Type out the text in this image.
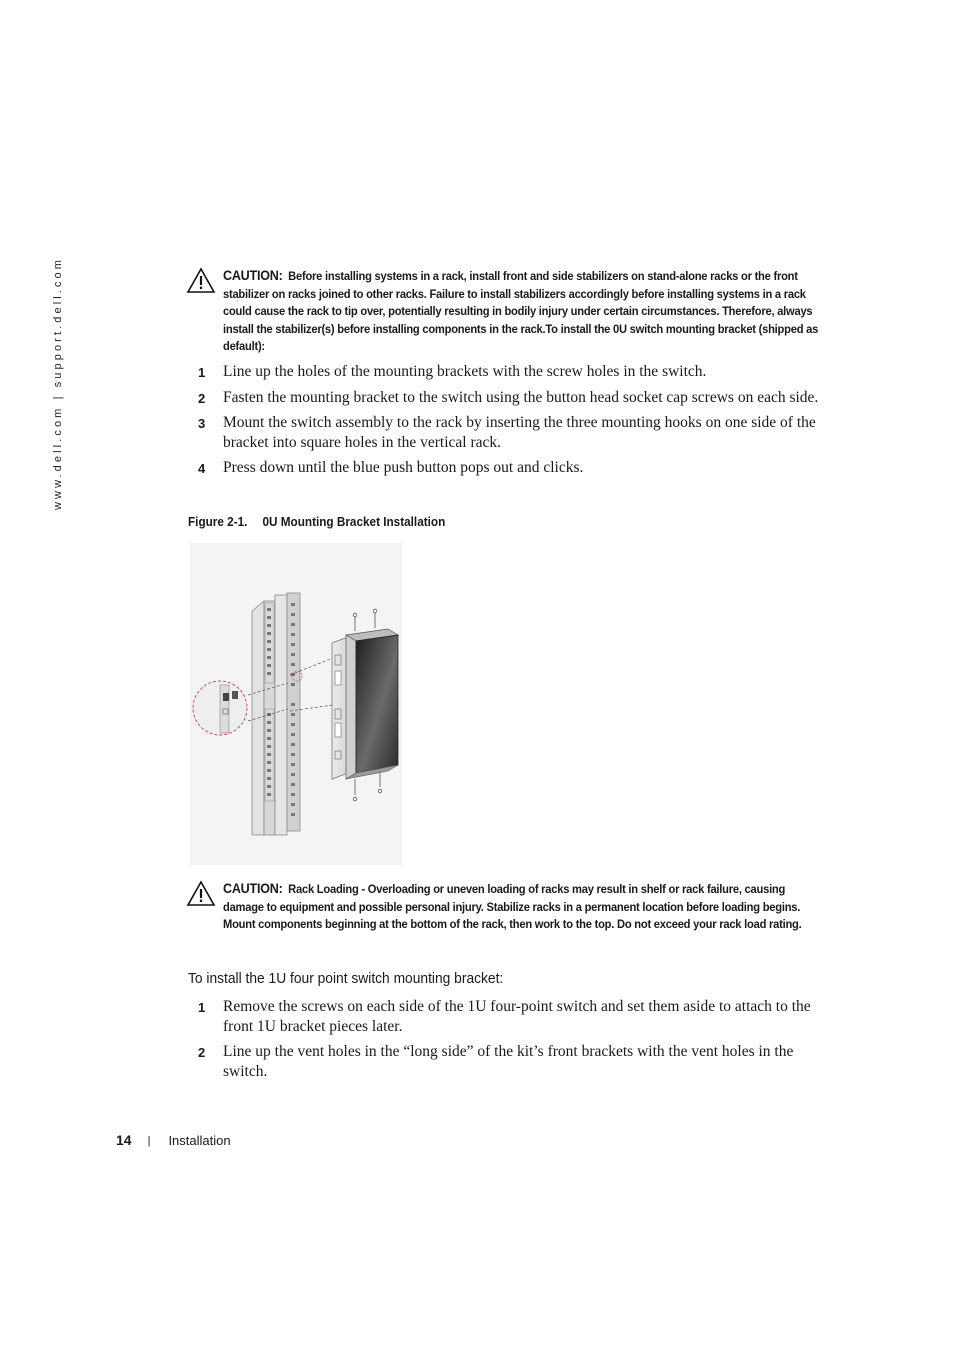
www.dell.com | support.dell.com	CAUTION: Before installing systems in a rack, install front and side stabilizers on stand-alone racks or the front stabilizer on racks joined to other racks. Failure to install stabilizers accordingly before installing systems in a rack could cause the rack to tip over, potentially resulting in bodily injury under certain circumstances. Therefore, always install the stabilizer(s) before installing components in the rack.To install the 0U switch mounting bracket (shipped as default):
1 Line up the holes of the mounting brackets with the screw holes in the switch.
2 Fasten the mounting bracket to the switch using the button head socket cap screws on each side.
3 Mount the switch assembly to the rack by inserting the three mounting hooks on one side of the bracket into square holes in the vertical rack.
4 Press down until the blue push button pops out and clicks.
Figure 2-1. 0U Mounting Bracket Installation
CAUTION: Rack Loading - Overloading or uneven loading of racks may result in shelf or rack failure, causing damage to equipment and possible personal injury. Stabilize racks in a permanent location before loading begins. Mount components beginning at the bottom of the rack, then work to the top. Do not exceed your rack load rating.
To install the 1U four point switch mounting bracket:
1 Remove the screws on each side of the 1U four-point switch and set them aside to attach to the front 1U bracket pieces later.
2 Line up the vent holes in the “long side” of the kit’s front brackets with the vent holes in the switch.
14 | Installation
